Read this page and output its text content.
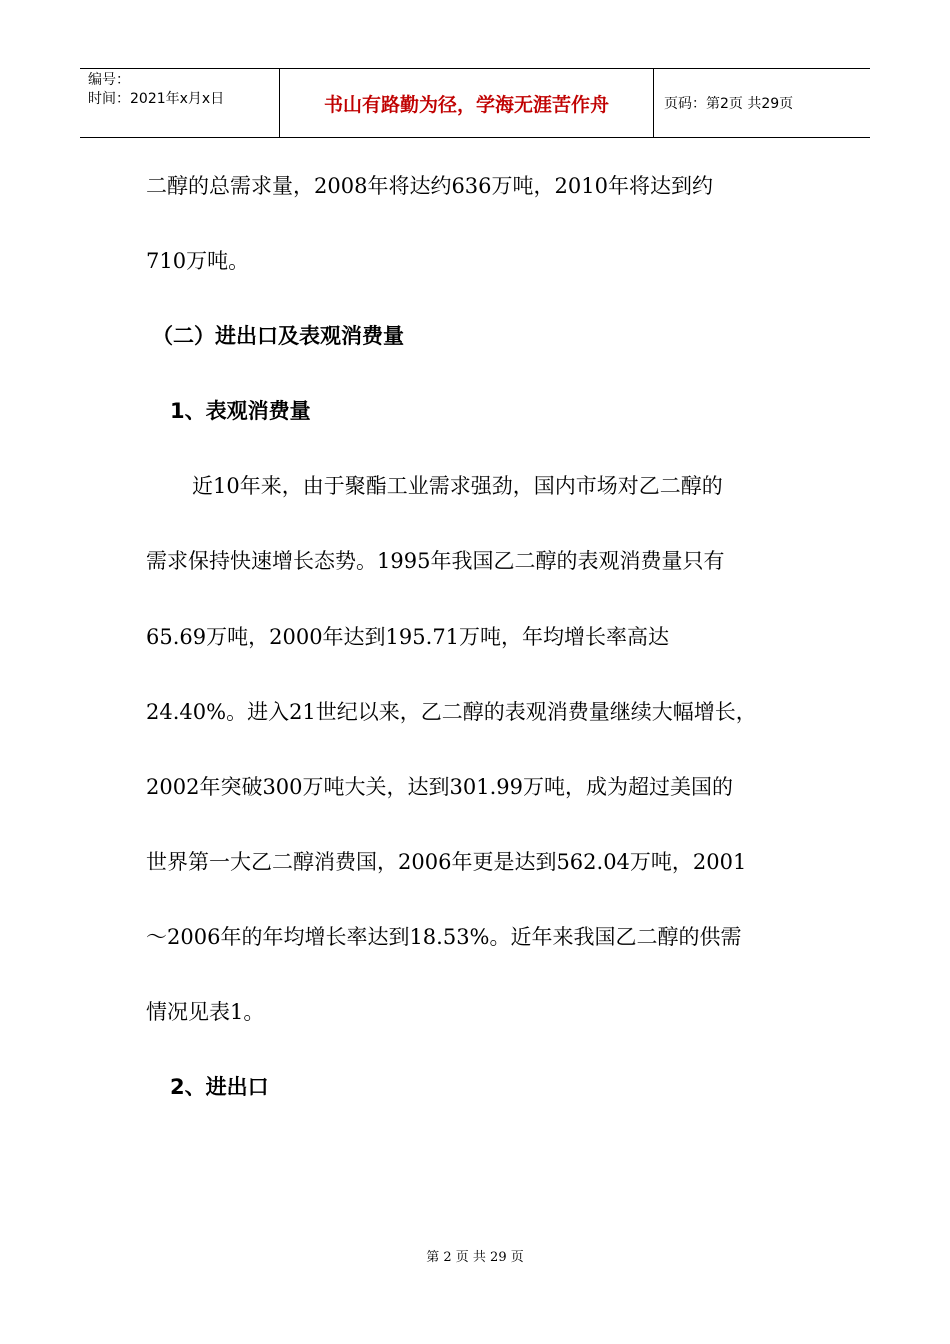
编号：
时间：2021年x月x日	书山有路勤为径，学海无涯苦作舟	页码：第2页 共29页
二醇的总需求量，2008年将达约636万吨，2010年将达到约
710万吨。
（二）进出口及表观消费量
1、表观消费量
近10年来，由于聚酯工业需求强劲，国内市场对乙二醇的
需求保持快速增长态势。1995年我国乙二醇的表观消费量只有
65.69万吨，2000年达到195.71万吨，年均增长率高达
24.40%。进入21世纪以来，乙二醇的表观消费量继续大幅增长，
2002年突破300万吨大关，达到301.99万吨，成为超过美国的
世界第一大乙二醇消费国，2006年更是达到562.04万吨，2001
～2006年的年均增长率达到18.53%。近年来我国乙二醇的供需
情况见表1。
2、进出口
第 2 页 共 29 页
